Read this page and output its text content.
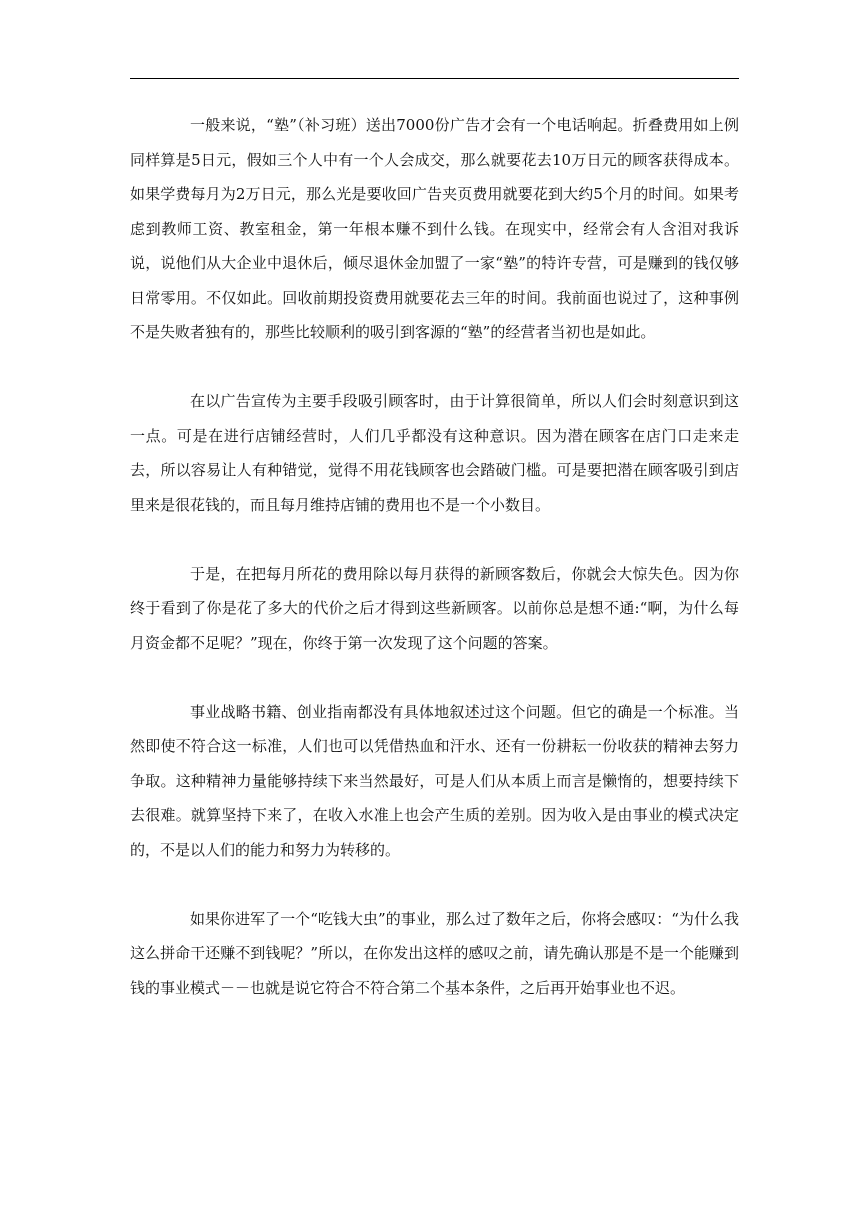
一般来说，“塾”（补习班）送出7000份广告才会有一个电话响起。折叠费用如上例同样算是5日元，假如三个人中有一个人会成交，那么就要花去10万日元的顾客获得成本。如果学费每月为2万日元，那么光是要收回广告夹页费用就要花到大约5个月的时间。如果考虑到教师工资、教室租金，第一年根本赚不到什么钱。在现实中，经常会有人含泪对我诉说，说他们从大企业中退休后，倾尽退休金加盟了一家“塾”的特许专营，可是赚到的钱仅够日常零用。不仅如此。回收前期投资费用就要花去三年的时间。我前面也说过了，这种事例不是失败者独有的，那些比较顺利的吸引到客源的“塾”的经营者当初也是如此。

在以广告宣传为主要手段吸引顾客时，由于计算很简单，所以人们会时刻意识到这一点。可是在进行店铺经营时，人们几乎都没有这种意识。因为潜在顾客在店门口走来走去，所以容易让人有种错觉，觉得不用花钱顾客也会踏破门槛。可是要把潜在顾客吸引到店里来是很花钱的，而且每月维持店铺的费用也不是一个小数目。

于是，在把每月所花的费用除以每月获得的新顾客数后，你就会大惊失色。因为你终于看到了你是花了多大的代价之后才得到这些新顾客。以前你总是想不通:“啊，为什么每月资金都不足呢？”现在，你终于第一次发现了这个问题的答案。

事业战略书籍、创业指南都没有具体地叙述过这个问题。但它的确是一个标准。当然即使不符合这一标准，人们也可以凭借热血和汗水、还有一份耕耘一份收获的精神去努力争取。这种精神力量能够持续下来当然最好，可是人们从本质上而言是懒惰的，想要持续下去很难。就算坚持下来了，在收入水准上也会产生质的差别。因为收入是由事业的模式决定的，不是以人们的能力和努力为转移的。

如果你进军了一个“吃钱大虫”的事业，那么过了数年之后，你将会感叹：“为什么我这么拼命干还赚不到钱呢？”所以，在你发出这样的感叹之前，请先确认那是不是一个能赚到钱的事业模式－－也就是说它符合不符合第二个基本条件，之后再开始事业也不迟。
